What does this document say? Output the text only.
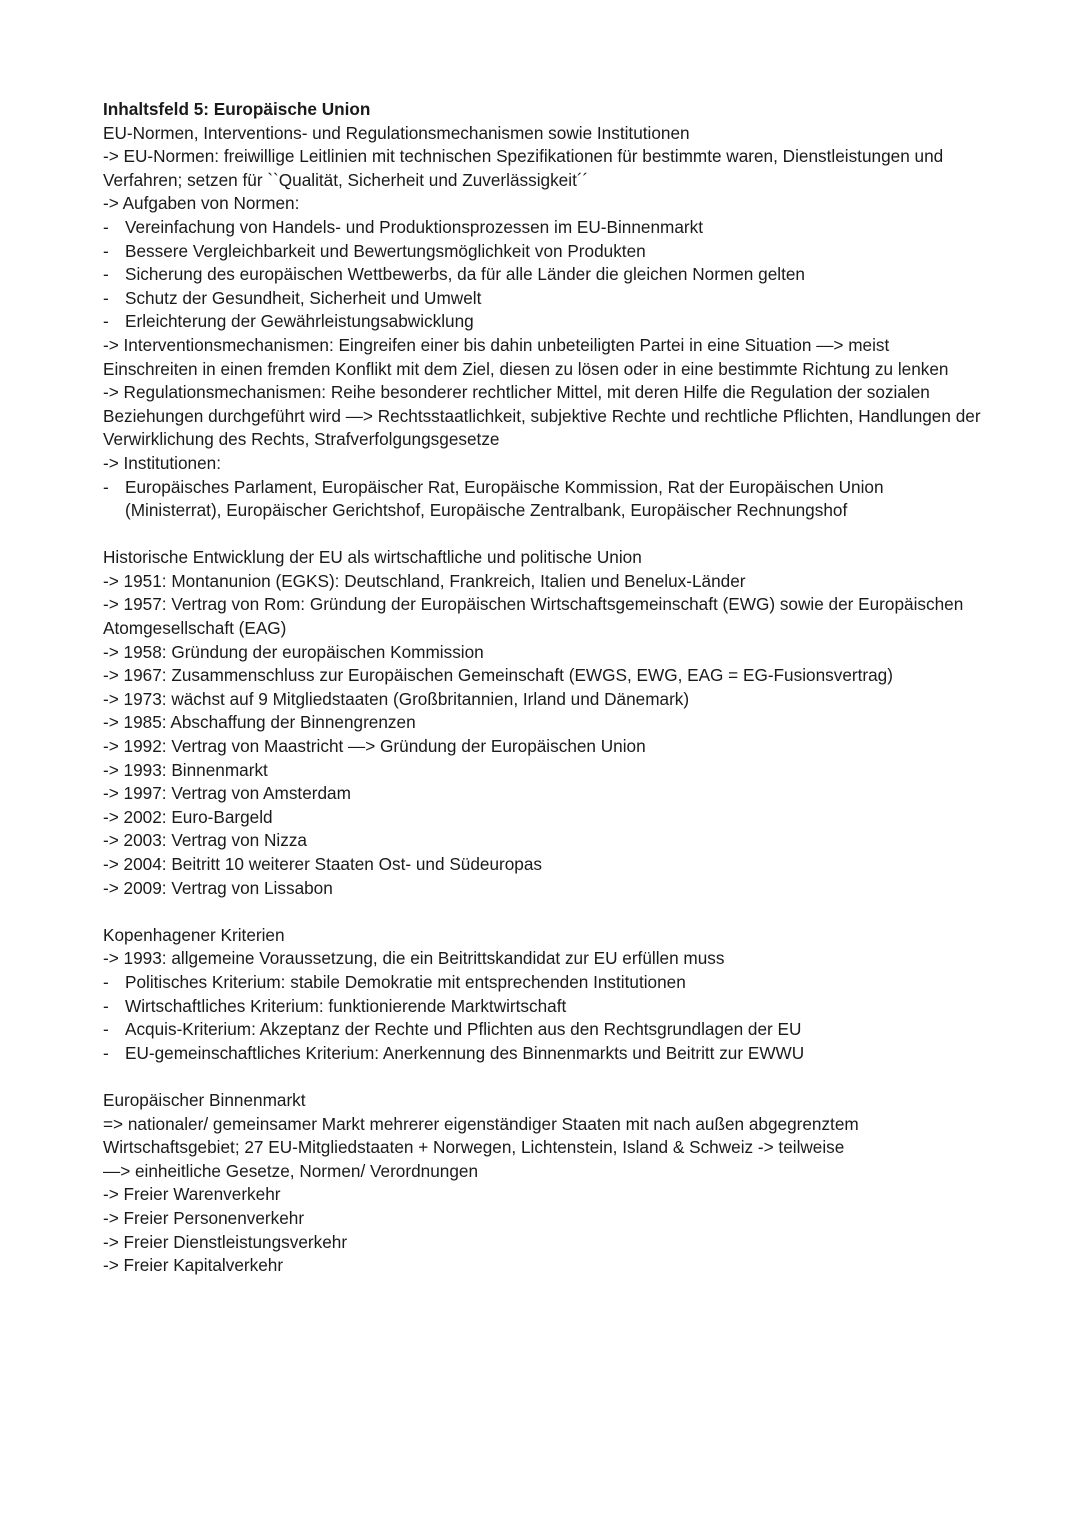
Inhaltsfeld 5: Europäische Union
EU-Normen, Interventions- und Regulationsmechanismen sowie Institutionen
-> EU-Normen: freiwillige Leitlinien mit technischen Spezifikationen für bestimmte waren, Dienstleistungen und Verfahren; setzen für ``Qualität, Sicherheit und Zuverlässigkeit´´
-> Aufgaben von Normen:
- Vereinfachung von Handels- und Produktionsprozessen im EU-Binnenmarkt
- Bessere Vergleichbarkeit und Bewertungsmöglichkeit von Produkten
- Sicherung des europäischen Wettbewerbs, da für alle Länder die gleichen Normen gelten
- Schutz der Gesundheit, Sicherheit und Umwelt
- Erleichterung der Gewährleistungsabwicklung
-> Interventionsmechanismen: Eingreifen einer bis dahin unbeteiligten Partei in eine Situation —> meist Einschreiten in einen fremden Konflikt mit dem Ziel, diesen zu lösen oder in eine bestimmte Richtung zu lenken
-> Regulationsmechanismen: Reihe besonderer rechtlicher Mittel, mit deren Hilfe die Regulation der sozialen Beziehungen durchgeführt wird —> Rechtsstaatlichkeit, subjektive Rechte und rechtliche Pflichten, Handlungen der Verwirklichung des Rechts, Strafverfolgungsgesetze
-> Institutionen:
- Europäisches Parlament, Europäischer Rat, Europäische Kommission, Rat der Europäischen Union (Ministerrat), Europäischer Gerichtshof, Europäische Zentralbank, Europäischer Rechnungshof
Historische Entwicklung der EU als wirtschaftliche und politische Union
-> 1951: Montanunion (EGKS): Deutschland, Frankreich, Italien und Benelux-Länder
-> 1957: Vertrag von Rom: Gründung der Europäischen Wirtschaftsgemeinschaft (EWG) sowie der Europäischen Atomgesellschaft (EAG)
-> 1958: Gründung der europäischen Kommission
-> 1967: Zusammenschluss zur Europäischen Gemeinschaft (EWGS, EWG, EAG = EG-Fusionsvertrag)
-> 1973: wächst auf 9 Mitgliedstaaten (Großbritannien, Irland und Dänemark)
-> 1985: Abschaffung der Binnengrenzen
-> 1992: Vertrag von Maastricht —> Gründung der Europäischen Union
-> 1993: Binnenmarkt
-> 1997: Vertrag von Amsterdam
-> 2002: Euro-Bargeld
-> 2003: Vertrag von Nizza
-> 2004: Beitritt 10 weiterer Staaten Ost- und Südeuropas
-> 2009: Vertrag von Lissabon
Kopenhagener Kriterien
-> 1993: allgemeine Voraussetzung, die ein Beitrittskandidat zur EU erfüllen muss
- Politisches Kriterium: stabile Demokratie mit entsprechenden Institutionen
- Wirtschaftliches Kriterium: funktionierende Marktwirtschaft
- Acquis-Kriterium: Akzeptanz der Rechte und Pflichten aus den Rechtsgrundlagen der EU
- EU-gemeinschaftliches Kriterium: Anerkennung des Binnenmarkts und Beitritt zur EWWU
Europäischer Binnenmarkt
=> nationaler/ gemeinsamer Markt mehrerer eigenständiger Staaten mit nach außen abgegrenztem Wirtschaftsgebiet; 27 EU-Mitgliedstaaten + Norwegen, Lichtenstein, Island & Schweiz -> teilweise
—> einheitliche Gesetze, Normen/ Verordnungen
-> Freier Warenverkehr
-> Freier Personenverkehr
-> Freier Dienstleistungsverkehr
-> Freier Kapitalverkehr
